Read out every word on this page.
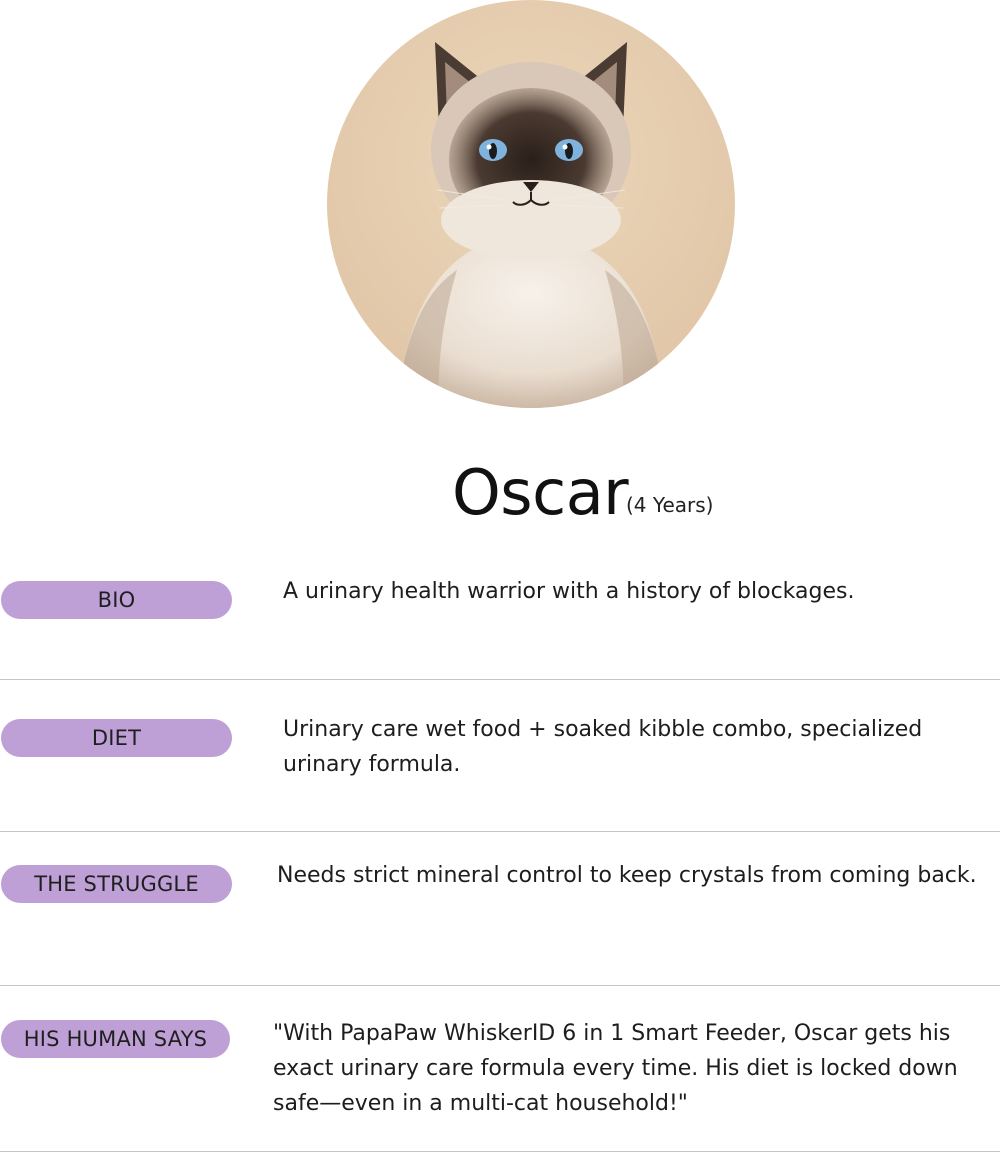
Oscar
(4 Years)
BIO	A urinary health warrior with a history of blockages.
DIET	Urinary care wet food + soaked kibble combo, specialized
urinary formula.
THE STRUGGLE	Needs strict mineral control to keep crystals from coming back.
HIS HUMAN SAYS	"With PapaPaw WhiskerID 6 in 1 Smart Feeder, Oscar gets his
exact urinary care formula every time. His diet is locked down
safe—even in a multi-cat household!"
